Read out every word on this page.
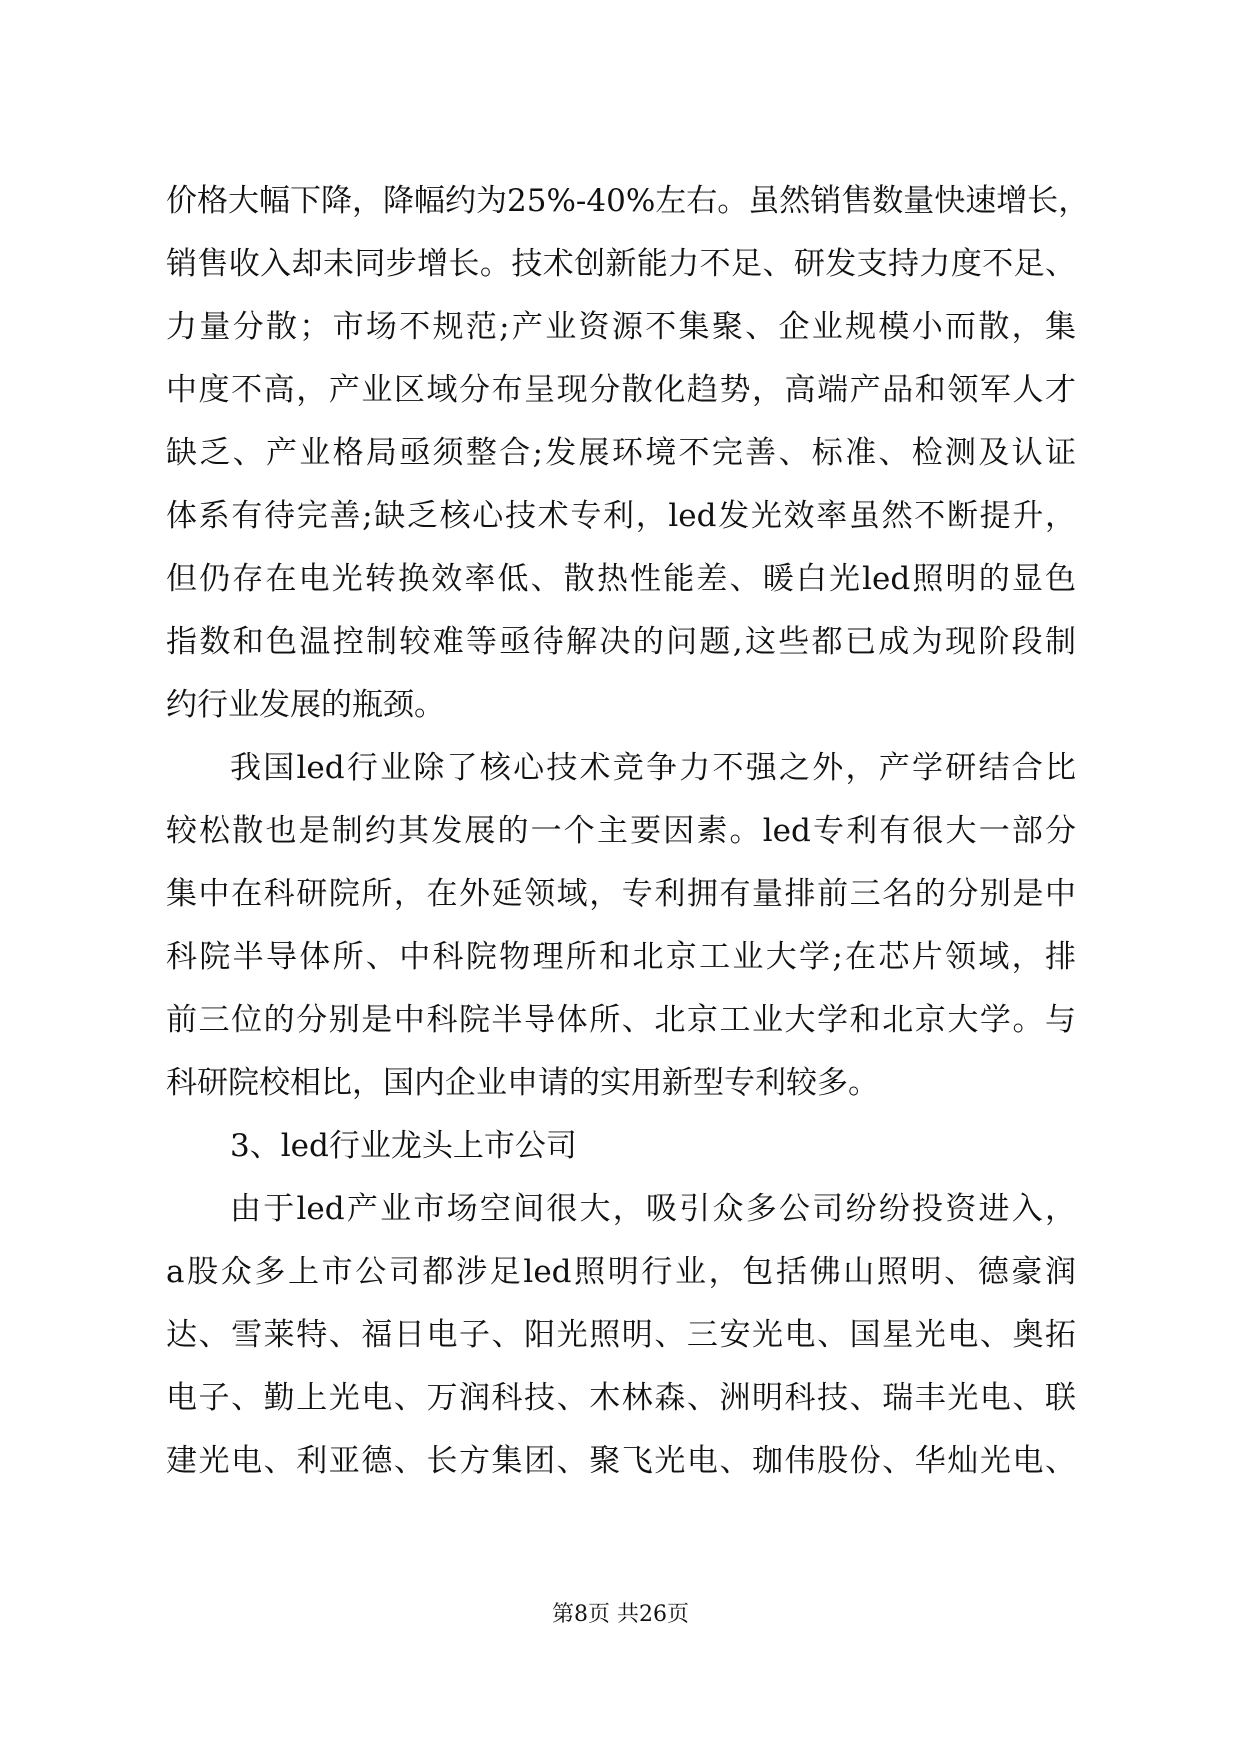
价格大幅下降，降幅约为25%-40%左右。虽然销售数量快速增长，
销售收入却未同步增长。技术创新能力不足、研发支持力度不足、
力量分散；市场不规范;产业资源不集聚、企业规模小而散，集
中度不高，产业区域分布呈现分散化趋势，高端产品和领军人才
缺乏、产业格局亟须整合;发展环境不完善、标准、检测及认证
体系有待完善;缺乏核心技术专利，led发光效率虽然不断提升，
但仍存在电光转换效率低、散热性能差、暖白光led照明的显色
指数和色温控制较难等亟待解决的问题,这些都已成为现阶段制
约行业发展的瓶颈。
我国led行业除了核心技术竞争力不强之外，产学研结合比
较松散也是制约其发展的一个主要因素。led专利有很大一部分
集中在科研院所，在外延领域，专利拥有量排前三名的分别是中
科院半导体所、中科院物理所和北京工业大学;在芯片领域，排
前三位的分别是中科院半导体所、北京工业大学和北京大学。与
科研院校相比，国内企业申请的实用新型专利较多。
3、led行业龙头上市公司
由于led产业市场空间很大，吸引众多公司纷纷投资进入，
a股众多上市公司都涉足led照明行业，包括佛山照明、德豪润
达、雪莱特、福日电子、阳光照明、三安光电、国星光电、奥拓
电子、勤上光电、万润科技、木林森、洲明科技、瑞丰光电、联
建光电、利亚德、长方集团、聚飞光电、珈伟股份、华灿光电、
第8页 共26页
